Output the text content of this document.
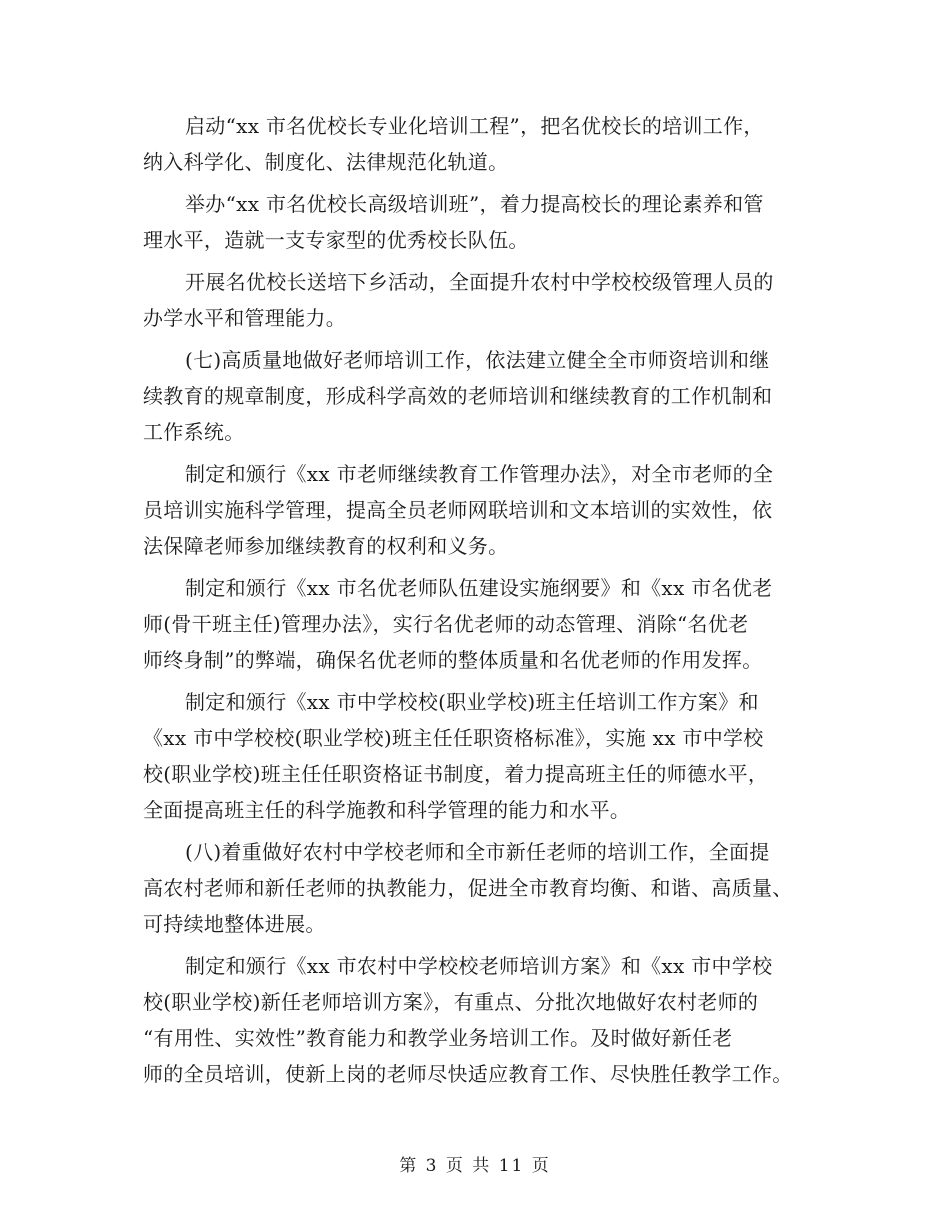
启动“xx 市名优校长专业化培训工程”，把名优校长的培训工作，
纳入科学化、制度化、法律规范化轨道。
举办“xx 市名优校长高级培训班”，着力提高校长的理论素养和管
理水平，造就一支专家型的优秀校长队伍。
开展名优校长送培下乡活动，全面提升农村中学校校级管理人员的
办学水平和管理能力。
(七)高质量地做好老师培训工作，依法建立健全全市师资培训和继
续教育的规章制度，形成科学高效的老师培训和继续教育的工作机制和
工作系统。
制定和颁行《xx 市老师继续教育工作管理办法》，对全市老师的全
员培训实施科学管理，提高全员老师网联培训和文本培训的实效性，依
法保障老师参加继续教育的权利和义务。
制定和颁行《xx 市名优老师队伍建设实施纲要》和《xx 市名优老
师(骨干班主任)管理办法》，实行名优老师的动态管理、消除“名优老
师终身制”的弊端，确保名优老师的整体质量和名优老师的作用发挥。
制定和颁行《xx 市中学校校(职业学校)班主任培训工作方案》和
《xx 市中学校校(职业学校)班主任任职资格标准》，实施 xx 市中学校
校(职业学校)班主任任职资格证书制度，着力提高班主任的师德水平，
全面提高班主任的科学施教和科学管理的能力和水平。
(八)着重做好农村中学校老师和全市新任老师的培训工作，全面提
高农村老师和新任老师的执教能力，促进全市教育均衡、和谐、高质量、
可持续地整体进展。
制定和颁行《xx 市农村中学校校老师培训方案》和《xx 市中学校
校(职业学校)新任老师培训方案》，有重点、分批次地做好农村老师的
“有用性、实效性”教育能力和教学业务培训工作。及时做好新任老
师的全员培训，使新上岗的老师尽快适应教育工作、尽快胜任教学工作。
第 3 页 共 11 页
